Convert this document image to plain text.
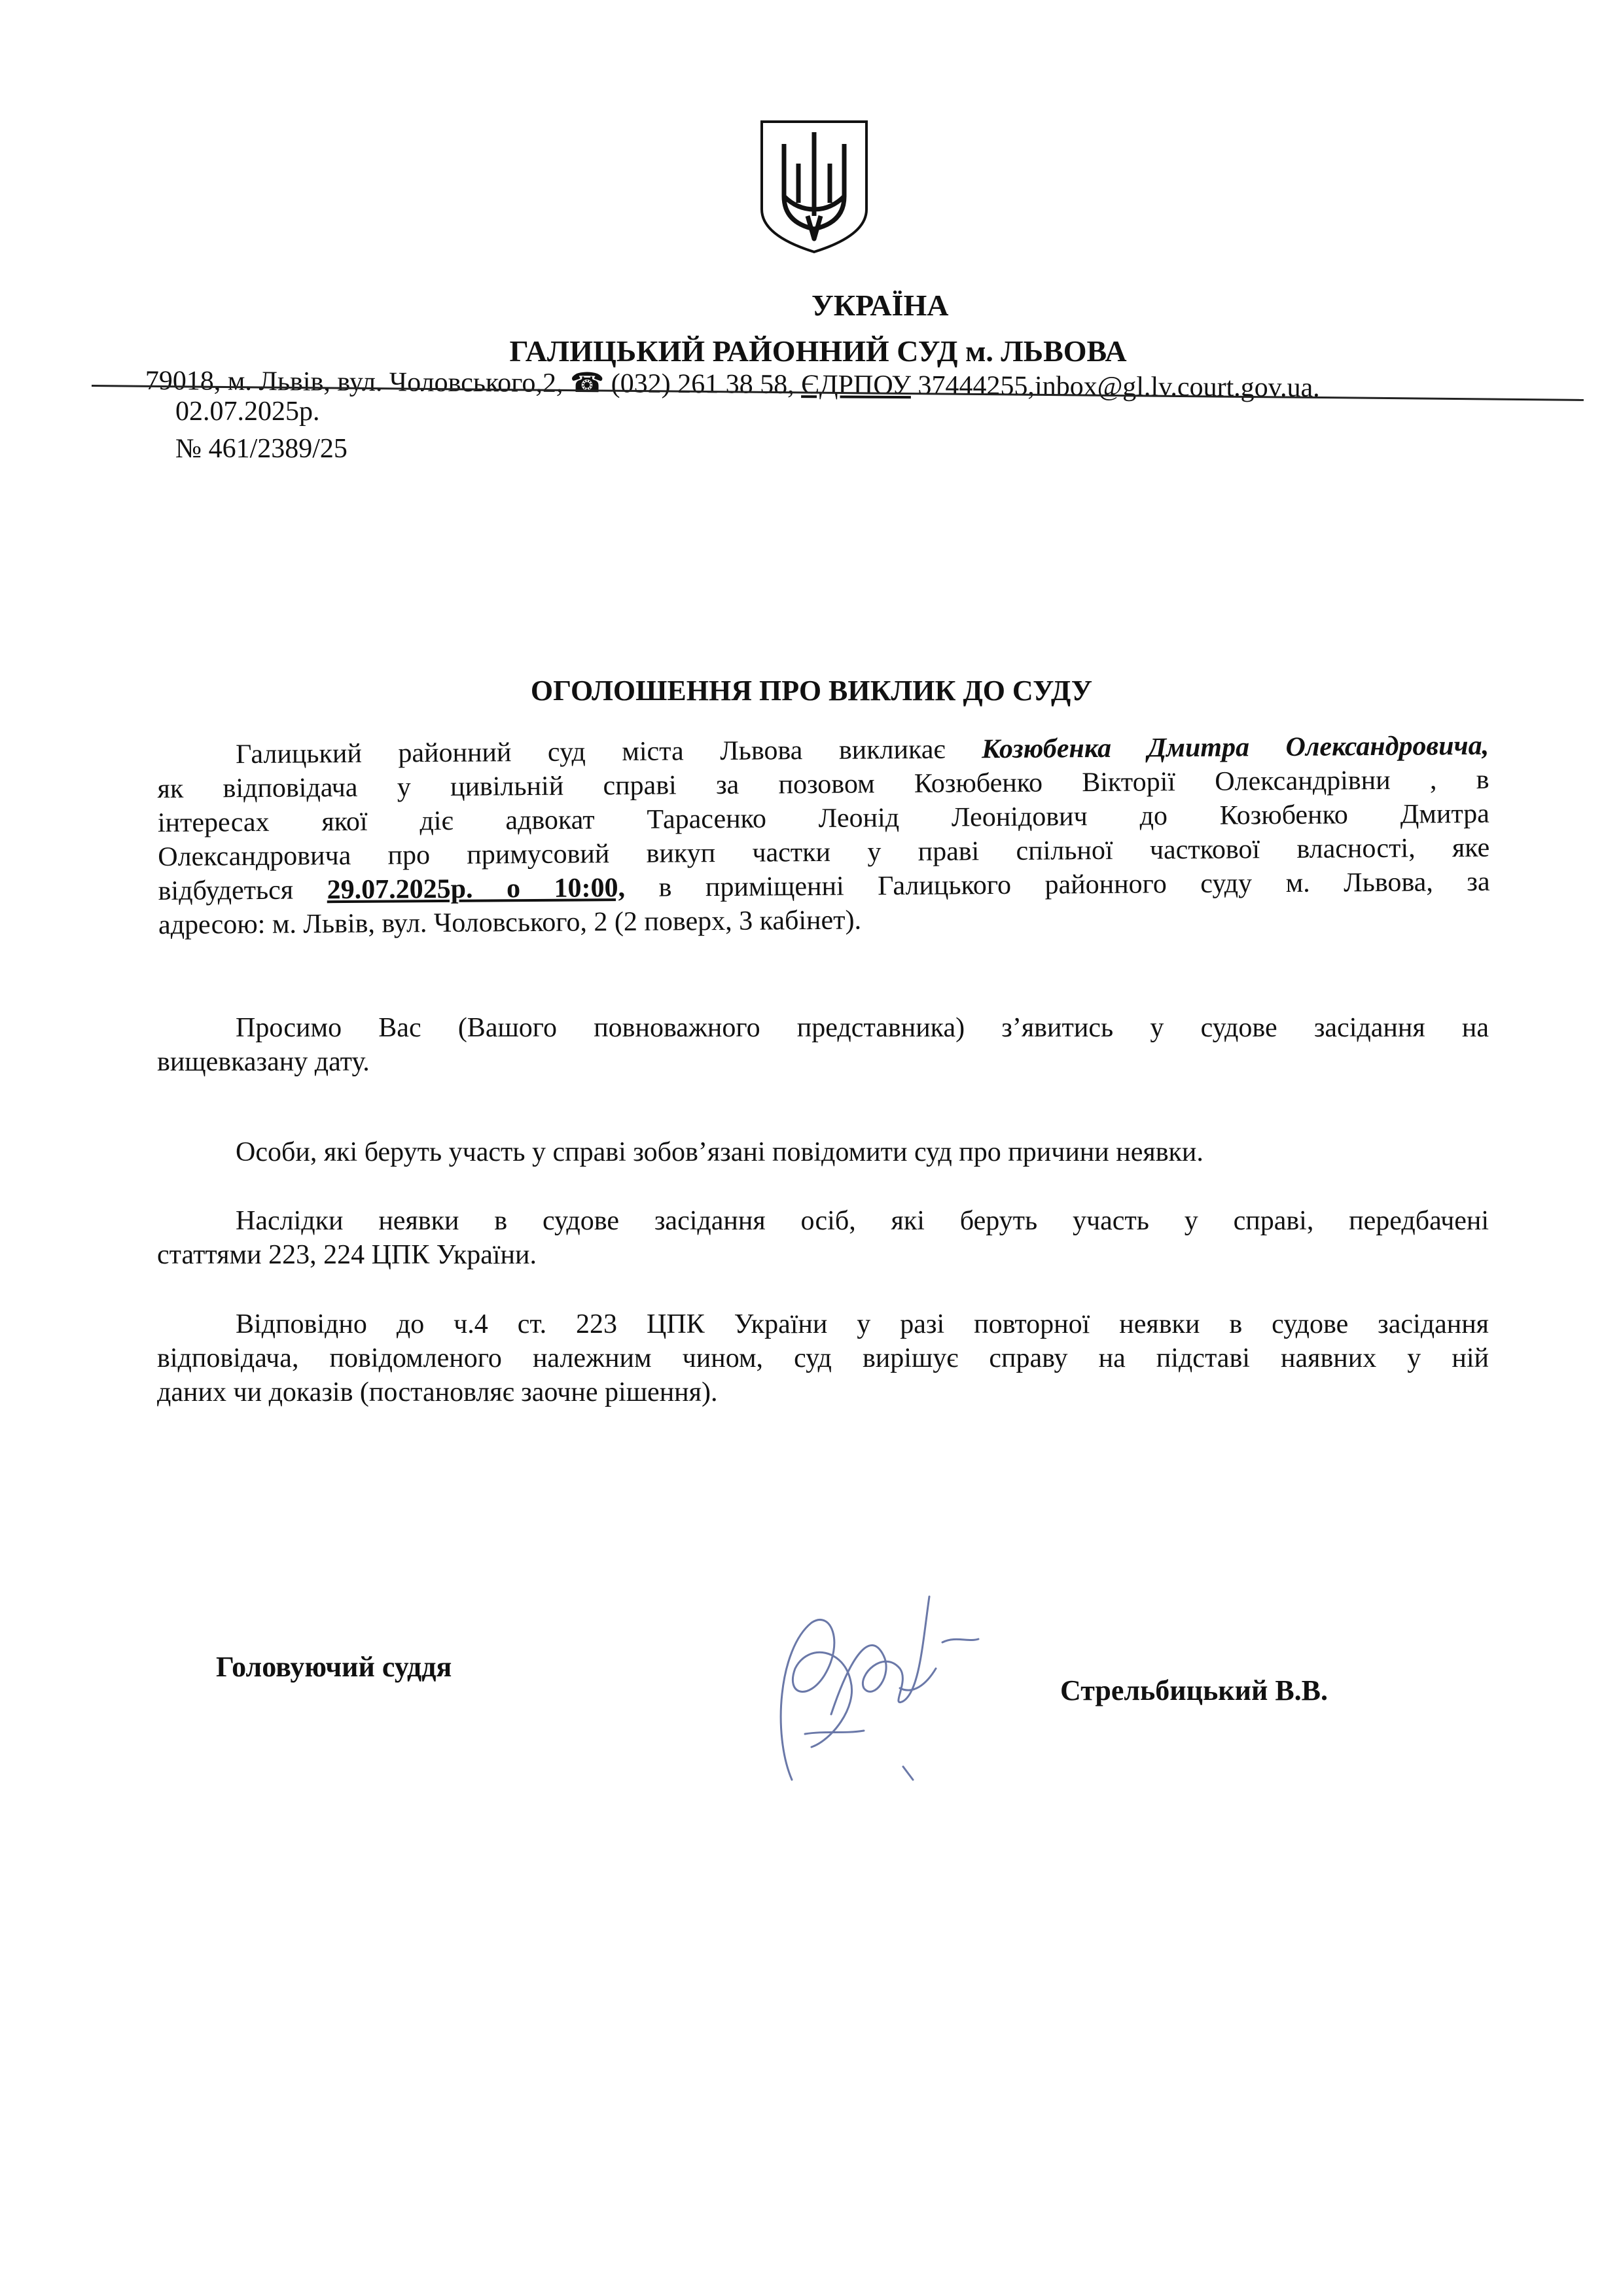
УКРАЇНА
ГАЛИЦЬКИЙ РАЙОННИЙ СУД м. ЛЬВОВА
79018, м. Львів, вул. Чоловського,2, ☎ (032) 261 38 58, ЄДРПОУ 37444255,inbox@gl.lv.court.gov.ua.
02.07.2025р.
№ 461/2389/25
ОГОЛОШЕННЯ ПРО ВИКЛИК ДО СУДУ
Галицький районний суд міста Львова викликає Козюбенка Дмитра Олександровича,
як відповідача у цивільній справі за позовом Козюбенко Вікторії Олександрівни , в
інтересах якої діє адвокат Тарасенко Леонід Леонідович до Козюбенко Дмитра
Олександровича про примусовий викуп частки у праві спільної часткової власності, яке
відбудеться 29.07.2025р. о 10:00, в приміщенні Галицького районного суду м. Львова, за
адресою: м. Львів, вул. Чоловського, 2 (2 поверх, 3 кабінет).
Просимо Вас (Вашого повноважного представника) з’явитись у судове засідання на
вищевказану дату.
Особи, які беруть участь у справі зобов’язані повідомити суд про причини неявки.
Наслідки неявки в судове засідання осіб, які беруть участь у справі, передбачені
статтями 223, 224 ЦПК України.
Відповідно до ч.4 ст. 223 ЦПК України у разі повторної неявки в судове засідання
відповідача, повідомленого належним чином, суд вирішує справу на підставі наявних у ній
даних чи доказів (постановляє заочне рішення).
Головуючий суддя
Стрельбицький В.В.
